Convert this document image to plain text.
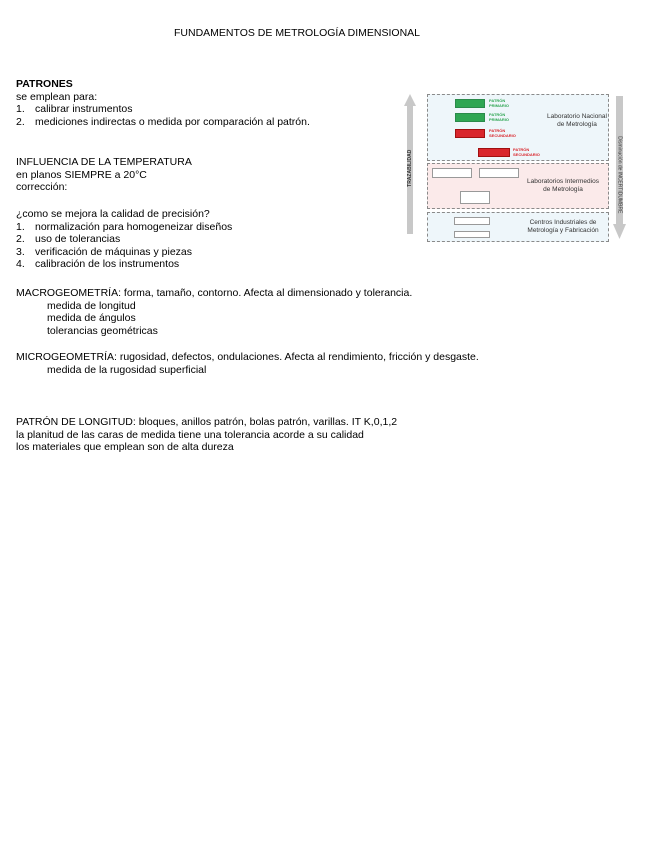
FUNDAMENTOS DE METROLOGÍA DIMENSIONAL
PATRONES
se emplean para:
1. calibrar instrumentos
2. mediciones indirectas o medida por comparación al patrón.
INFLUENCIA DE LA TEMPERATURA
en planos SIEMPRE a 20°C
corrección:
¿como se mejora la calidad de precisión?
1. normalización para homogeneizar diseños
2. uso de tolerancias
3. verificación de máquinas y piezas
4. calibración de los instrumentos
MACROGEOMETRÍA: forma, tamaño, contorno. Afecta al dimensionado y tolerancia.
medida de longitud
medida de ángulos
tolerancias geométricas
MICROGEOMETRÍA: rugosidad, defectos, ondulaciones. Afecta al rendimiento, fricción y desgaste.
medida de la rugosidad superficial
PATRÓN DE LONGITUD: bloques, anillos patrón, bolas patrón, varillas. IT K,0,1,2
la planitud de las caras de medida tiene una tolerancia acorde a su calidad
los materiales que emplean son de alta dureza
TRAZABILIDAD	Disminución de INCERTIDUMBRE
PATRÓN PRIMARIO
PATRÓN PRIMARIO
PATRÓN SECUNDARIO
PATRÓN SECUNDARIO
Laboratorio Nacional de Metrología
Laboratorios Intermedios de Metrología
Centros Industriales de Metrología y Fabricación
